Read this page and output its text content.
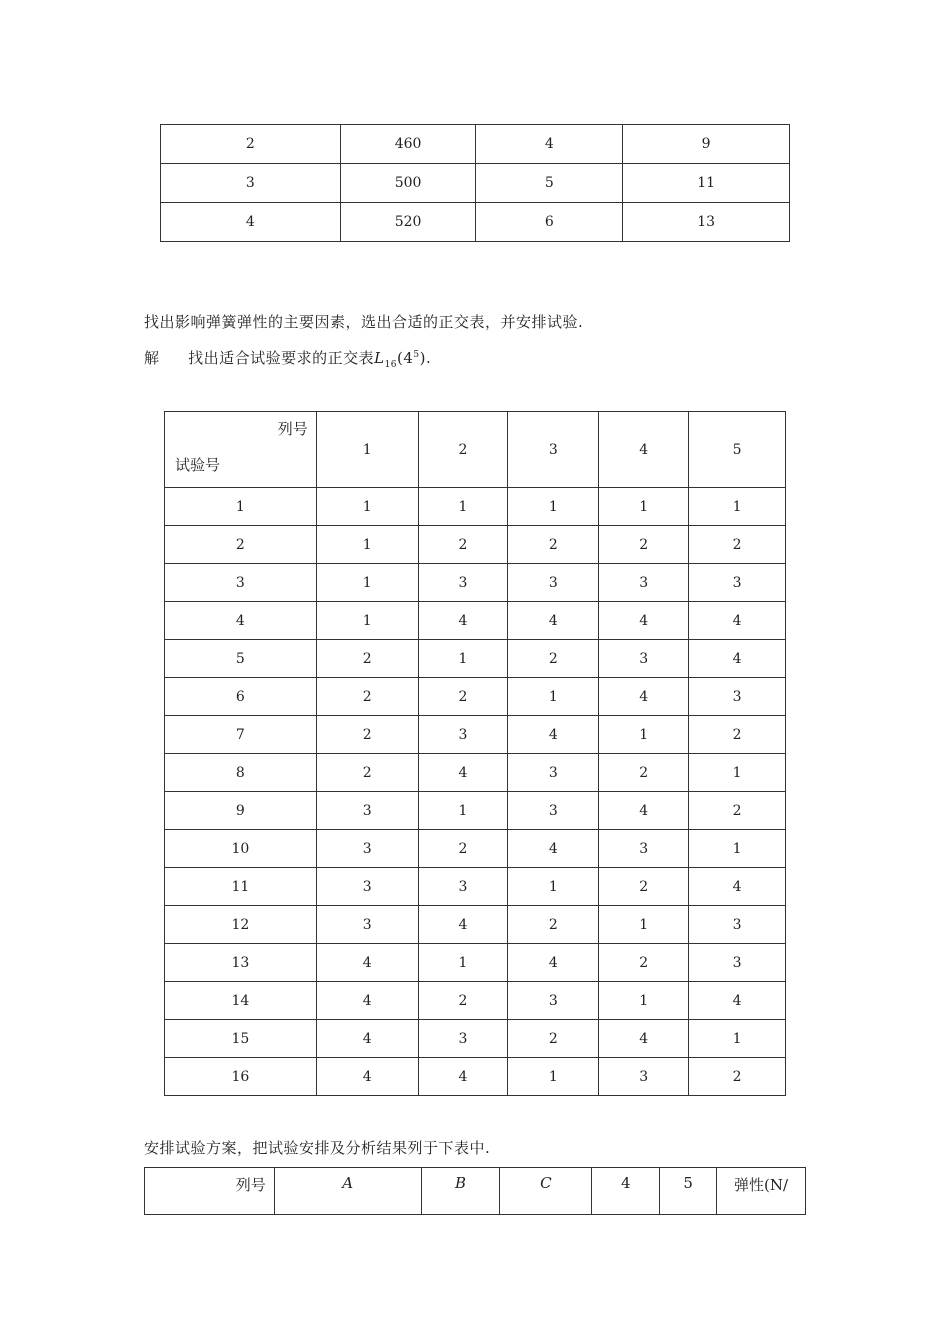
2	460	4	9
3	500	5	11
4	520	6	13
找出影响弹簧弹性的主要因素，选出合适的正交表，并安排试验.
解 找出适合试验要求的正交表$L_{16}(4^5)$.
列号
试验号	1	2	3	4	5
1	1	1	1	1	1
2	1	2	2	2	2
3	1	3	3	3	3
4	1	4	4	4	4
5	2	1	2	3	4
6	2	2	1	4	3
7	2	3	4	1	2
8	2	4	3	2	1
9	3	1	3	4	2
10	3	2	4	3	1
11	3	3	1	2	4
12	3	4	2	1	3
13	4	1	4	2	3
14	4	2	3	1	4
15	4	3	2	4	1
16	4	4	1	3	2
安排试验方案，把试验安排及分析结果列于下表中.
列号	A	B	C	4	5	弹性(N/
